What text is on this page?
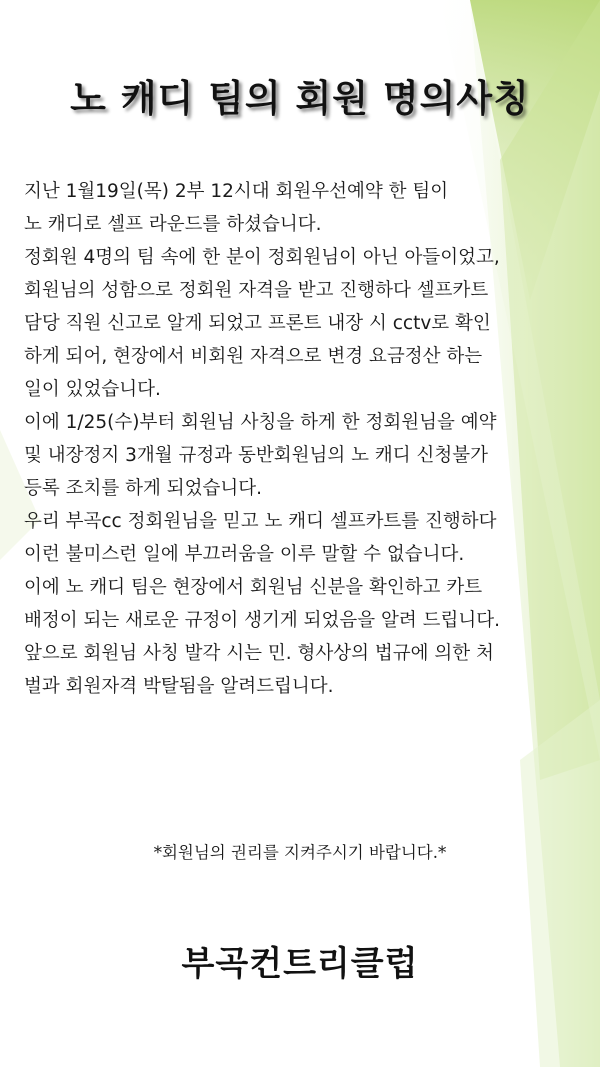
노 캐디 팀의 회원 명의사칭
지난 1월19일(목) 2부 12시대 회원우선예약 한 팀이
노 캐디로 셀프 라운드를 하셨습니다.
정회원 4명의 팀 속에 한 분이 정회원님이 아닌 아들이었고,
회원님의 성함으로 정회원 자격을 받고 진행하다 셀프카트
담당 직원 신고로 알게 되었고 프론트 내장 시 cctv로 확인
하게 되어, 현장에서 비회원 자격으로 변경 요금정산 하는
일이 있었습니다.
이에 1/25(수)부터 회원님 사칭을 하게 한 정회원님을 예약
및 내장정지 3개월 규정과 동반회원님의 노 캐디 신청불가
등록 조치를 하게 되었습니다.
우리 부곡cc 정회원님을 믿고 노 캐디 셀프카트를 진행하다
이런 불미스런 일에 부끄러움을 이루 말할 수 없습니다.
이에 노 캐디 팀은 현장에서 회원님 신분을 확인하고 카트
배정이 되는 새로운 규정이 생기게 되었음을 알려 드립니다.
앞으로 회원님 사칭 발각 시는 민. 형사상의 법규에 의한 처
벌과 회원자격 박탈됨을 알려드립니다.
*회원님의 권리를 지켜주시기 바랍니다.*
부곡컨트리클럽
